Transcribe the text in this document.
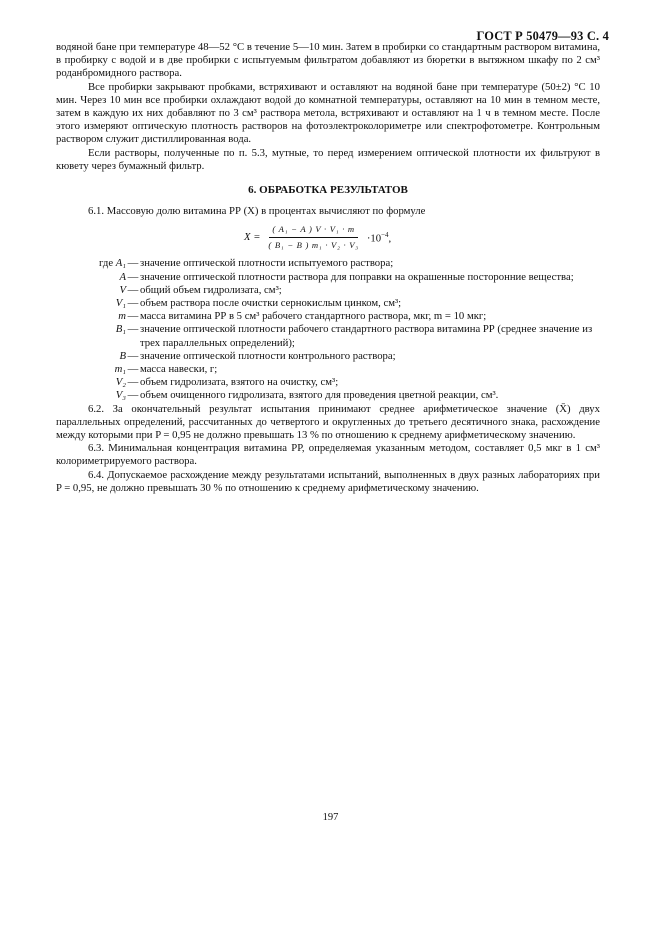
ГОСТ Р 50479—93 С. 4

водяной бане при температуре 48—52 °С в течение 5—10 мин. Затем в пробирки со стандартным раствором витамина, в пробирку с водой и в две пробирки с испытуемым фильтратом добавляют из бюретки в вытяжном шкафу по 2 см³ роданбромидного раствора.

Все пробирки закрывают пробками, встряхивают и оставляют на водяной бане при температуре (50±2) °С 10 мин. Через 10 мин все пробирки охлаждают водой до комнатной температуры, оставляют на 10 мин в темном месте, затем в каждую их них добавляют по 3 см³ раствора метола, встряхивают и оставляют на 1 ч в темном месте. После этого измеряют оптическую плотность растворов на фотоэлектроколориметре или спектрофотометре. Контрольным раствором служит дистиллированная вода.

Если растворы, полученные по п. 5.3, мутные, то перед измерением оптической плотности их фильтруют в кювету через бумажный фильтр.

6. ОБРАБОТКА РЕЗУЛЬТАТОВ

6.1. Массовую долю витамина РР (X) в процентах вычисляют по формуле

$X = \frac{\text{( A₁ − A ) V · V₁ · m}}{\text{( B₁ − B ) m₁ · V₂ · V₃}} \cdot 10^{-4}$,
где A₁ — значение оптической плотности испытуемого раствора;
A — значение оптической плотности раствора для поправки на окрашенные посторонние вещества;
V — общий объем гидролизата, см³;
V₁ — объем раствора после очистки сернокислым цинком, см³;
m — масса витамина РР в 5 см³ рабочего стандартного раствора, мкг, m = 10 мкг;
B₁ — значение оптической плотности рабочего стандартного раствора витамина РР (среднее значение из трех параллельных определений);
B — значение оптической плотности контрольного раствора;
m₁ — масса навески, г;
V₂ — объем гидролизата, взятого на очистку, см³;
V₃ — объем очищенного гидролизата, взятого для проведения цветной реакции, см³.

6.2. За окончательный результат испытания принимают среднее арифметическое значение (X̄) двух параллельных определений, рассчитанных до четвертого и округленных до третьего десятичного знака, расхождение между которыми при P = 0,95 не должно превышать 13 % по отношению к среднему арифметическому значению.

6.3. Минимальная концентрация витамина РР, определяемая указанным методом, составляет 0,5 мкг в 1 см³ колориметрируемого раствора.

6.4. Допускаемое расхождение между результатами испытаний, выполненных в двух разных лабораториях при P = 0,95, не должно превышать 30 % по отношению к среднему арифметическому значению.

197
